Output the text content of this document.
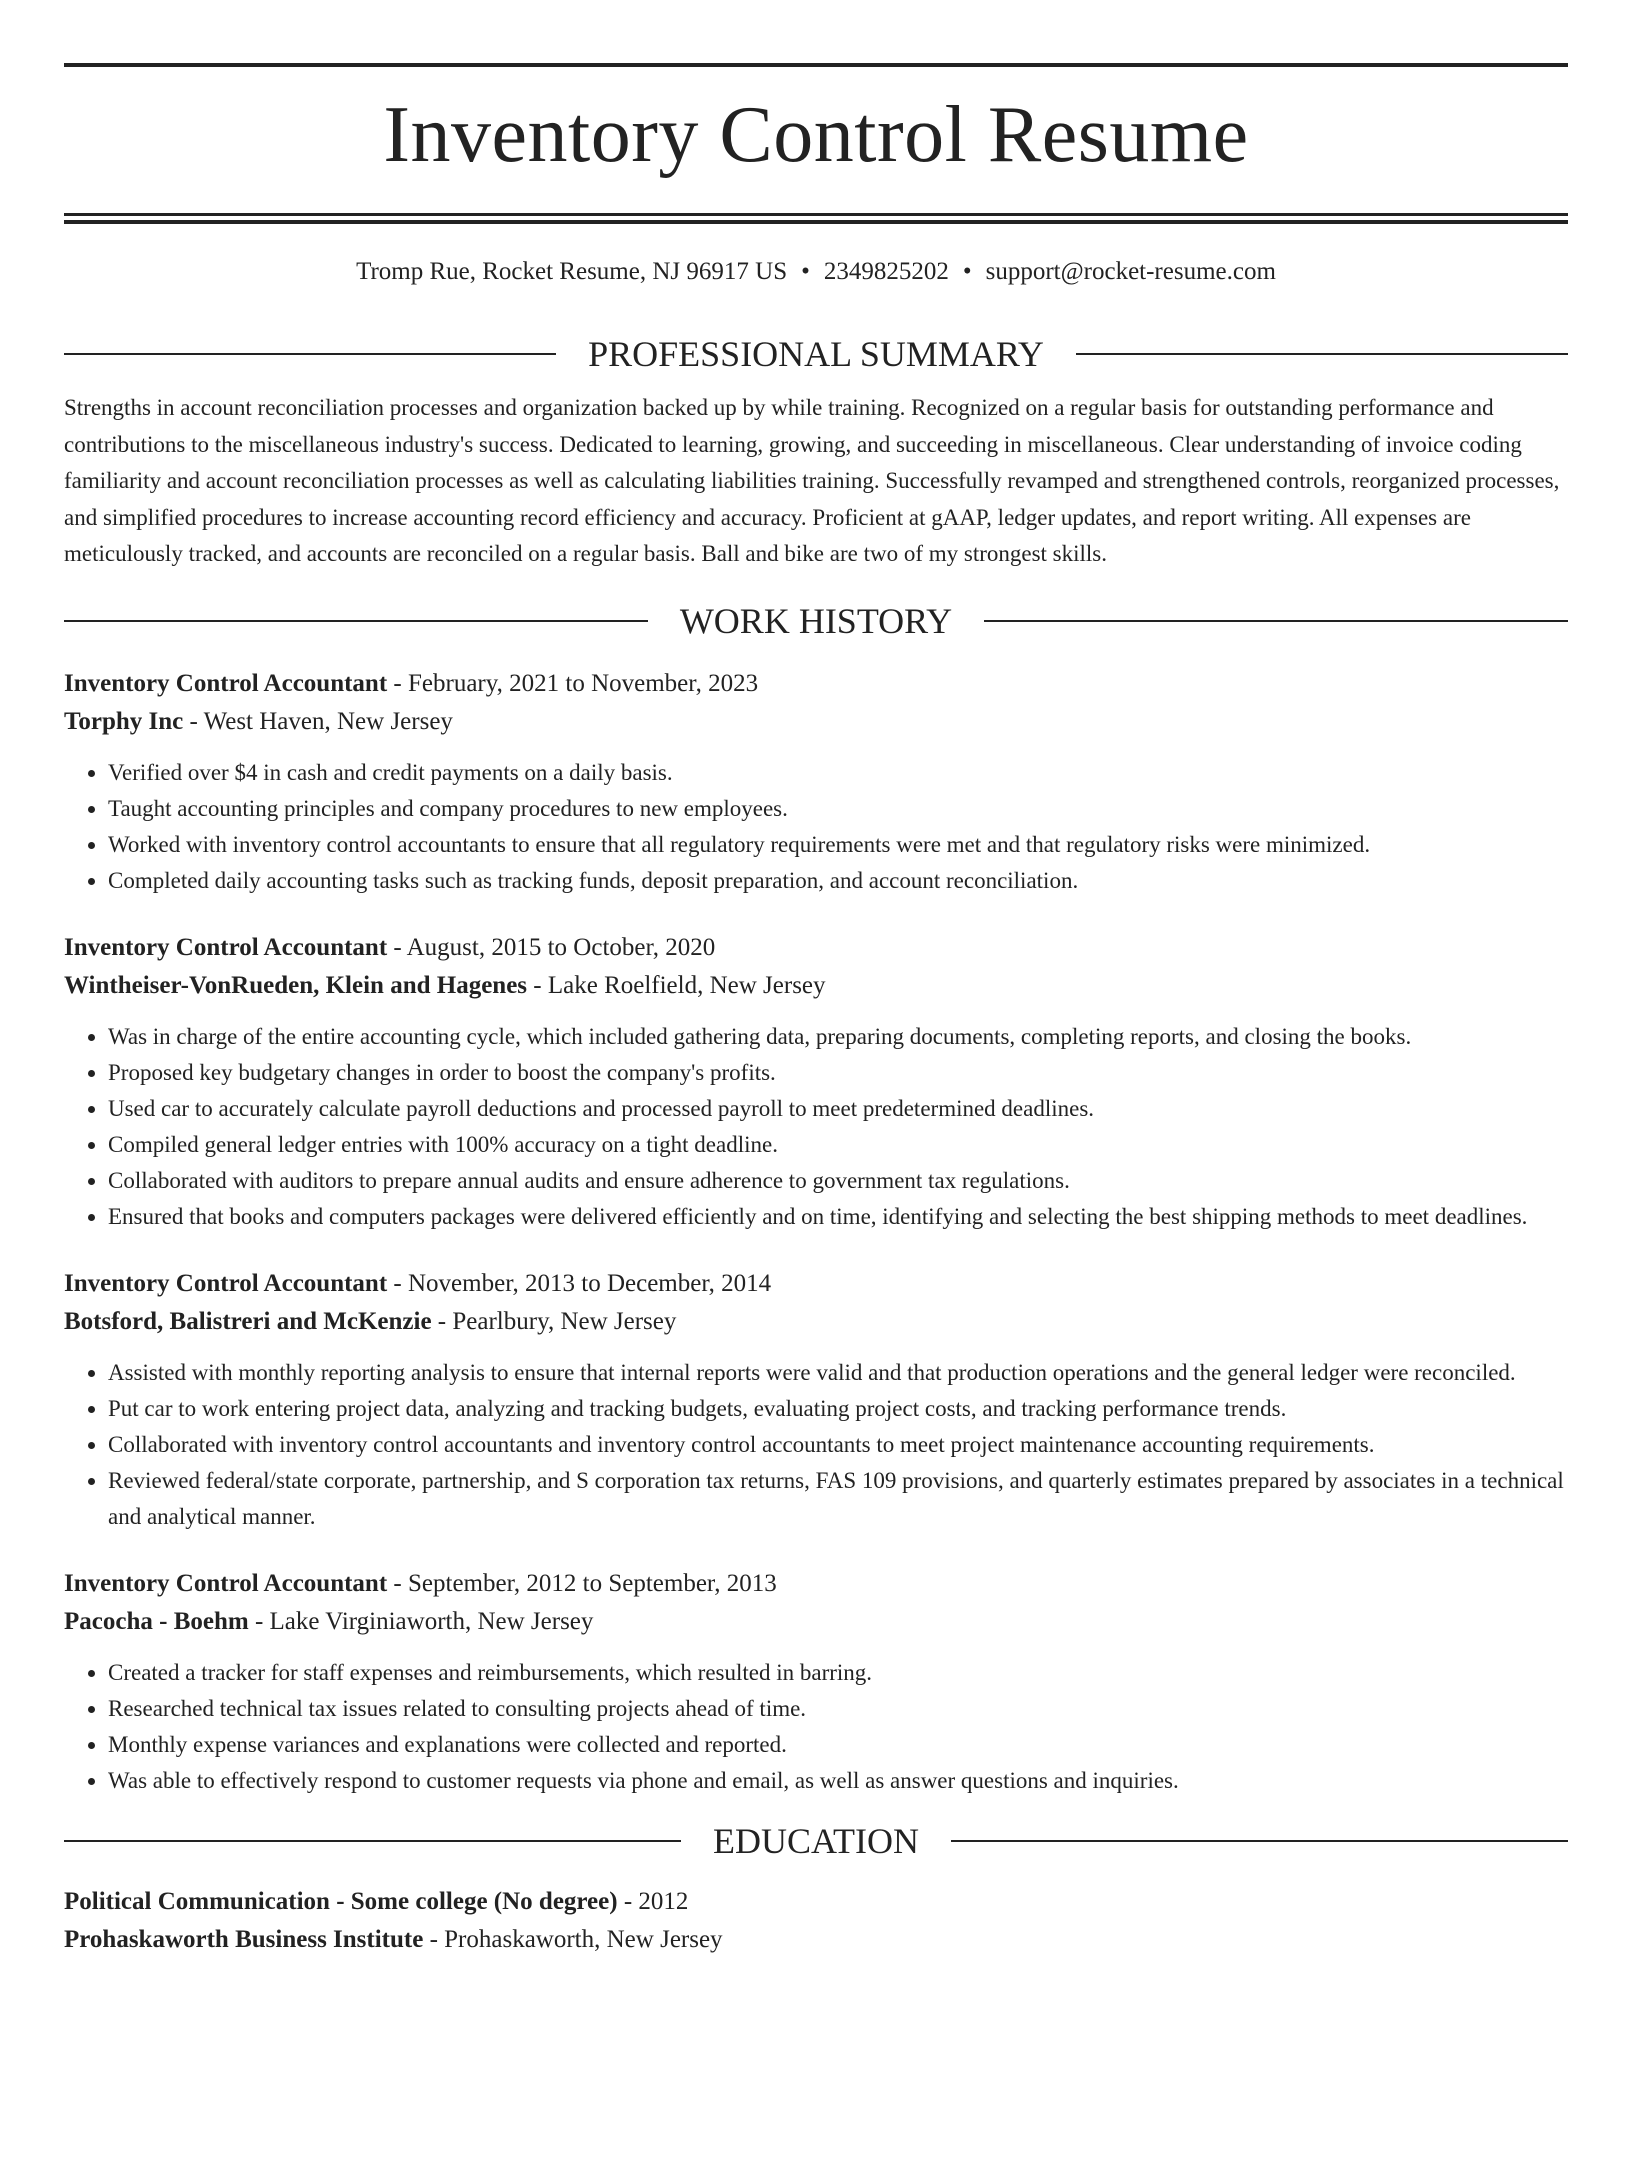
Inventory Control Resume
Tromp Rue, Rocket Resume, NJ 96917 US • 2349825202 • support@rocket-resume.com
PROFESSIONAL SUMMARY
Strengths in account reconciliation processes and organization backed up by while training. Recognized on a regular basis for outstanding performance and contributions to the miscellaneous industry's success. Dedicated to learning, growing, and succeeding in miscellaneous. Clear understanding of invoice coding familiarity and account reconciliation processes as well as calculating liabilities training. Successfully revamped and strengthened controls, reorganized processes, and simplified procedures to increase accounting record efficiency and accuracy. Proficient at gAAP, ledger updates, and report writing. All expenses are meticulously tracked, and accounts are reconciled on a regular basis. Ball and bike are two of my strongest skills.
WORK HISTORY
Inventory Control Accountant - February, 2021 to November, 2023
Torphy Inc - West Haven, New Jersey
• Verified over $4 in cash and credit payments on a daily basis.
• Taught accounting principles and company procedures to new employees.
• Worked with inventory control accountants to ensure that all regulatory requirements were met and that regulatory risks were minimized.
• Completed daily accounting tasks such as tracking funds, deposit preparation, and account reconciliation.
Inventory Control Accountant - August, 2015 to October, 2020
Wintheiser-VonRueden, Klein and Hagenes - Lake Roelfield, New Jersey
• Was in charge of the entire accounting cycle, which included gathering data, preparing documents, completing reports, and closing the books.
• Proposed key budgetary changes in order to boost the company's profits.
• Used car to accurately calculate payroll deductions and processed payroll to meet predetermined deadlines.
• Compiled general ledger entries with 100% accuracy on a tight deadline.
• Collaborated with auditors to prepare annual audits and ensure adherence to government tax regulations.
• Ensured that books and computers packages were delivered efficiently and on time, identifying and selecting the best shipping methods to meet deadlines.
Inventory Control Accountant - November, 2013 to December, 2014
Botsford, Balistreri and McKenzie - Pearlbury, New Jersey
• Assisted with monthly reporting analysis to ensure that internal reports were valid and that production operations and the general ledger were reconciled.
• Put car to work entering project data, analyzing and tracking budgets, evaluating project costs, and tracking performance trends.
• Collaborated with inventory control accountants and inventory control accountants to meet project maintenance accounting requirements.
• Reviewed federal/state corporate, partnership, and S corporation tax returns, FAS 109 provisions, and quarterly estimates prepared by associates in a technical and analytical manner.
Inventory Control Accountant - September, 2012 to September, 2013
Pacocha - Boehm - Lake Virginiaworth, New Jersey
• Created a tracker for staff expenses and reimbursements, which resulted in barring.
• Researched technical tax issues related to consulting projects ahead of time.
• Monthly expense variances and explanations were collected and reported.
• Was able to effectively respond to customer requests via phone and email, as well as answer questions and inquiries.
EDUCATION
Political Communication - Some college (No degree) - 2012
Prohaskaworth Business Institute - Prohaskaworth, New Jersey
